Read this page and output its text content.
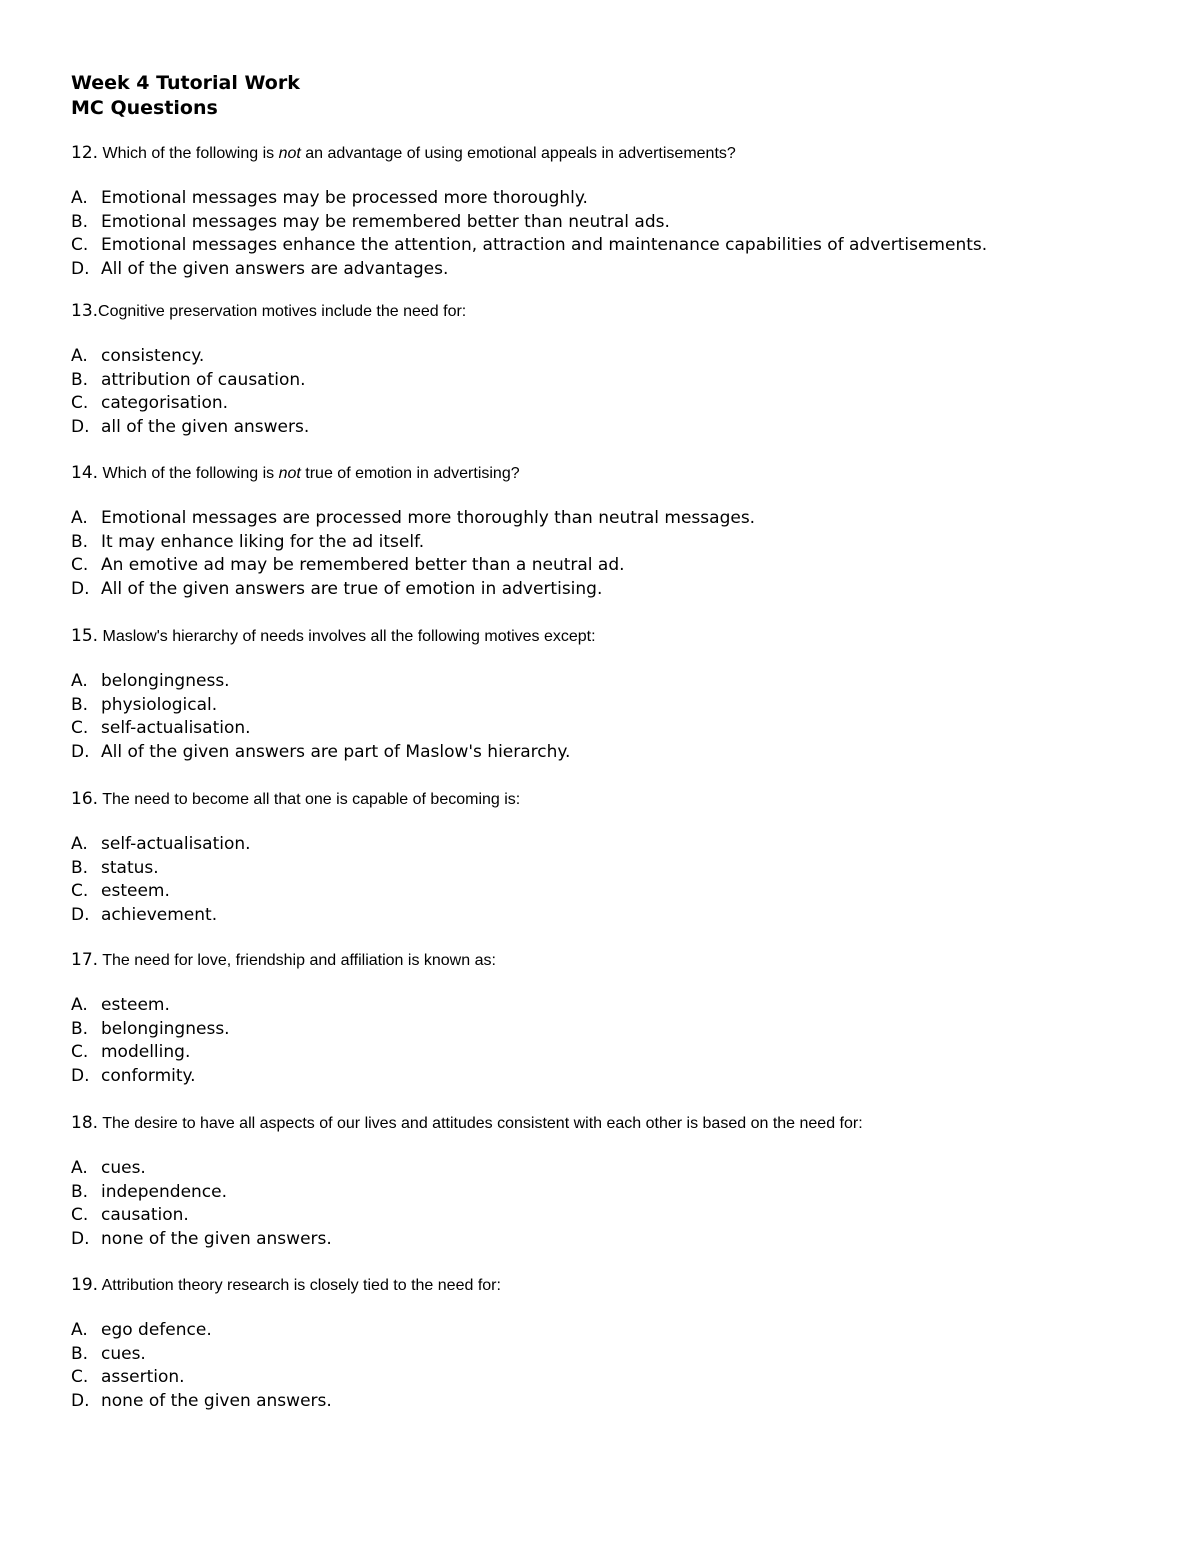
Week 4 Tutorial Work
MC Questions

12. Which of the following is not an advantage of using emotional appeals in advertisements?

A. Emotional messages may be processed more thoroughly.
B. Emotional messages may be remembered better than neutral ads.
C. Emotional messages enhance the attention, attraction and maintenance capabilities of advertisements.
D. All of the given answers are advantages.

13.Cognitive preservation motives include the need for:

A. consistency.
B. attribution of causation.
C. categorisation.
D. all of the given answers.

14. Which of the following is not true of emotion in advertising?

A. Emotional messages are processed more thoroughly than neutral messages.
B. It may enhance liking for the ad itself.
C. An emotive ad may be remembered better than a neutral ad.
D. All of the given answers are true of emotion in advertising.

15. Maslow's hierarchy of needs involves all the following motives except:

A. belongingness.
B. physiological.
C. self-actualisation.
D. All of the given answers are part of Maslow's hierarchy.

16. The need to become all that one is capable of becoming is:

A. self-actualisation.
B. status.
C. esteem.
D. achievement.

17. The need for love, friendship and affiliation is known as:

A. esteem.
B. belongingness.
C. modelling.
D. conformity.

18. The desire to have all aspects of our lives and attitudes consistent with each other is based on the need for:

A. cues.
B. independence.
C. causation.
D. none of the given answers.

19. Attribution theory research is closely tied to the need for:

A. ego defence.
B. cues.
C. assertion.
D. none of the given answers.
